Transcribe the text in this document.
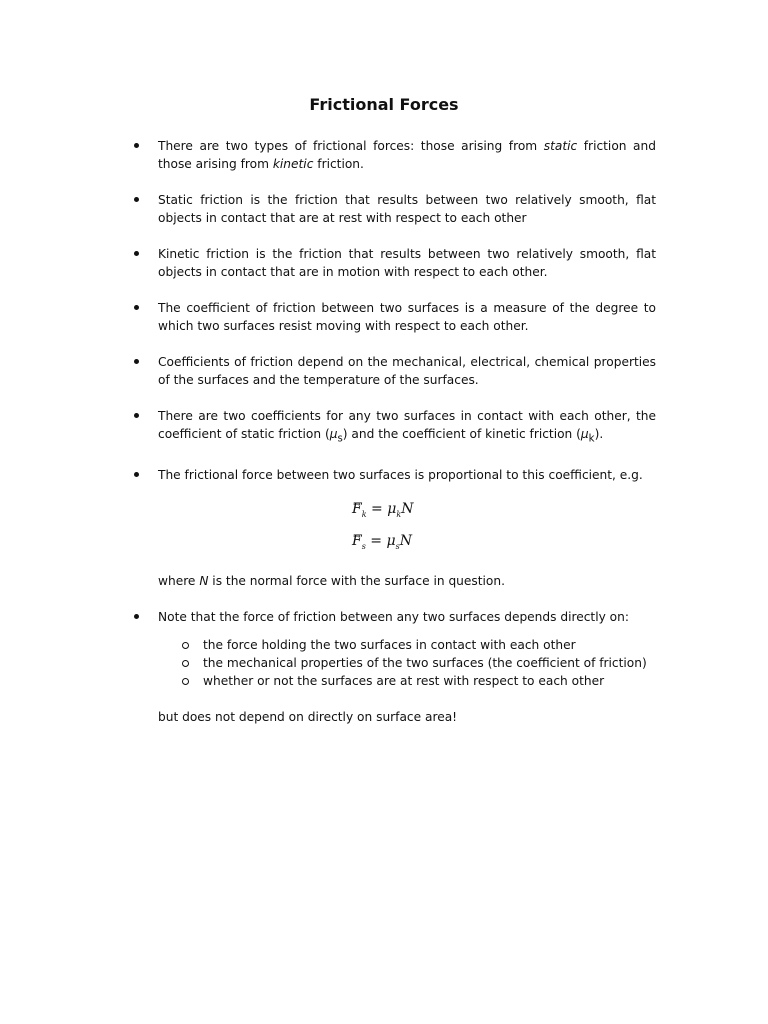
Frictional Forces
There are two types of frictional forces: those arising from static friction and those arising from kinetic friction.
Static friction is the friction that results between two relatively smooth, flat objects in contact that are at rest with respect to each other
Kinetic friction is the friction that results between two relatively smooth, flat objects in contact that are in motion with respect to each other.
The coefficient of friction between two surfaces is a measure of the degree to which two surfaces resist moving with respect to each other.
Coefficients of friction depend on the mechanical, electrical, chemical properties of the surfaces and the temperature of the surfaces.
There are two coefficients for any two surfaces in contact with each other, the coefficient of static friction $(\mu_s)$ and the coefficient of kinetic friction $(\mu_k)$.
The frictional force between two surfaces is proportional to this coefficient, e.g.
→ $F_k = \mu_kN$
→ $F_s = \mu_sN$
where N is the normal force with the surface in question.
Note that the force of friction between any two surfaces depends directly on:
the force holding the two surfaces in contact with each other
the mechanical properties of the two surfaces (the coefficient of friction)
whether or not the surfaces are at rest with respect to each other
but does not depend on directly on surface area!
